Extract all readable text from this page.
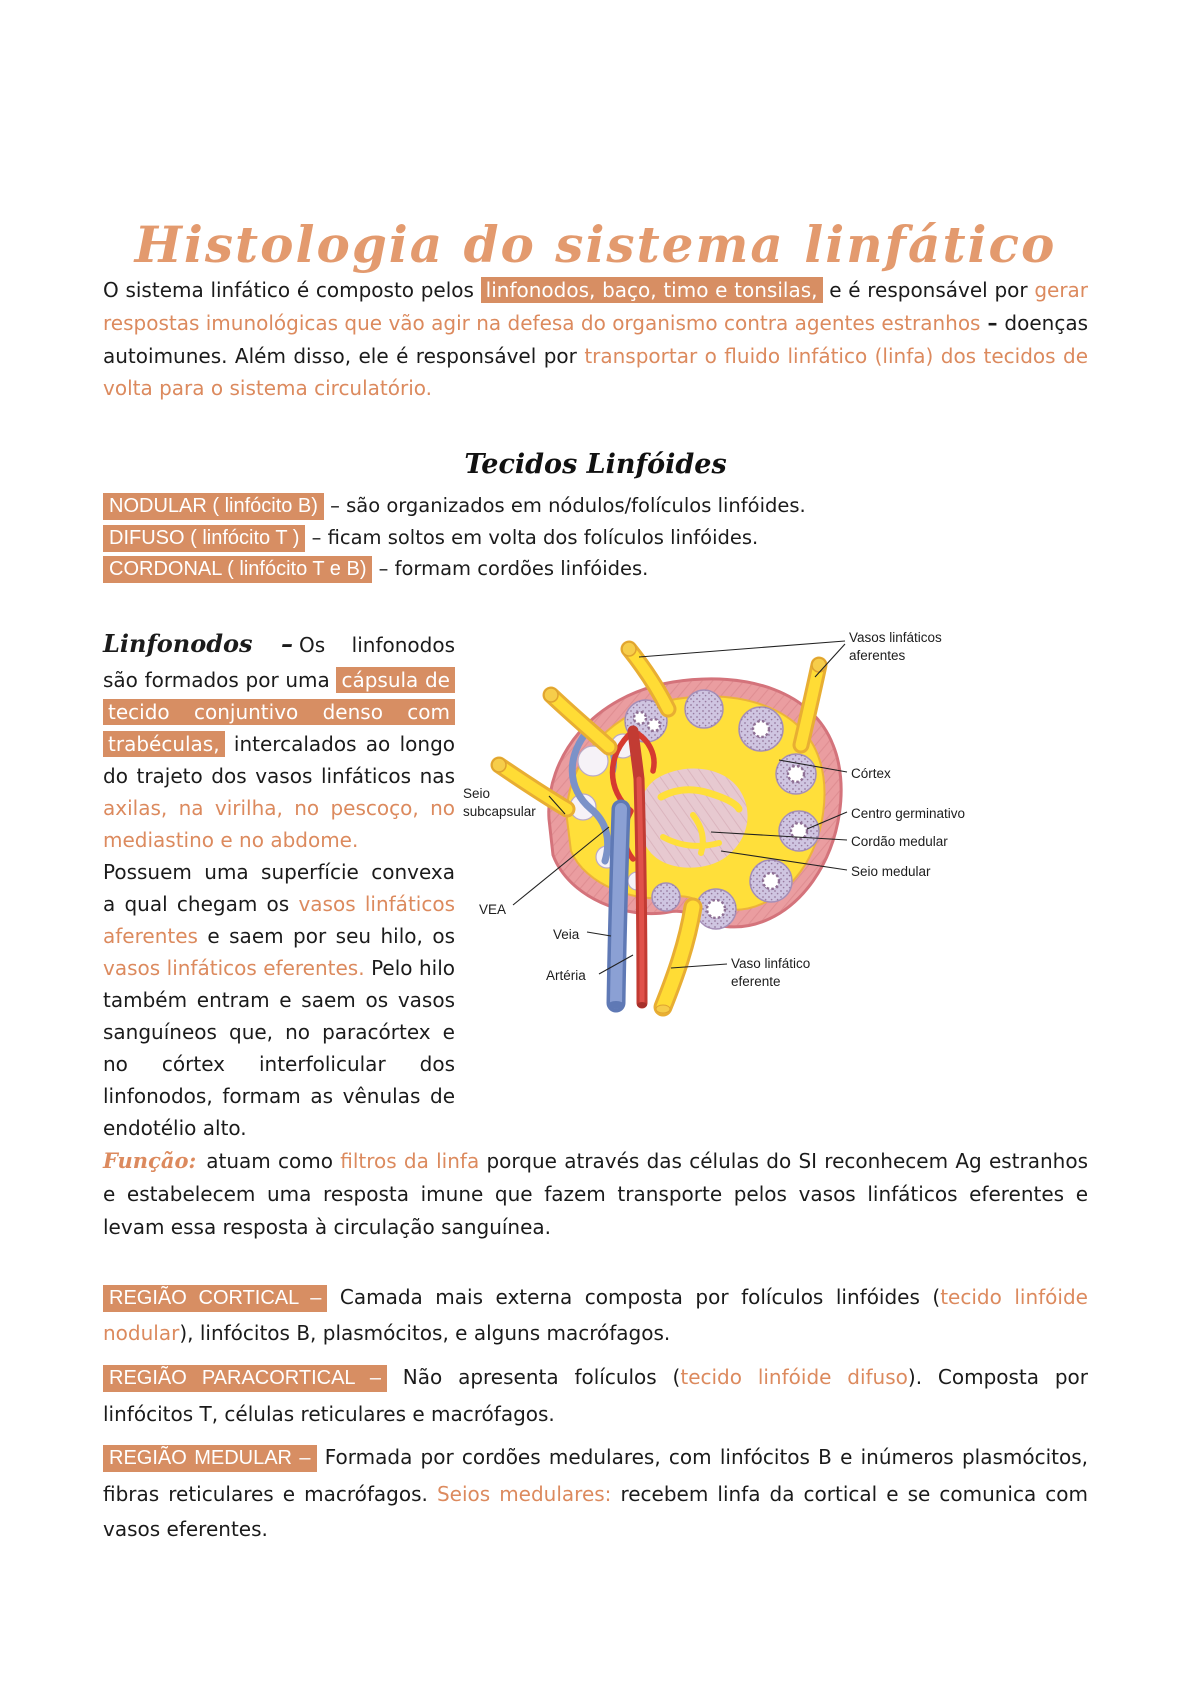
Histologia do sistema linfático

O sistema linfático é composto pelos linfonodos, baço, timo e tonsilas, e é responsável por gerar respostas imunológicas que vão agir na defesa do organismo contra agentes estranhos – doenças autoimunes. Além disso, ele é responsável por transportar o fluido linfático (linfa) dos tecidos de volta para o sistema circulatório.

Tecidos Linfóides

NODULAR ( linfócito B) – são organizados em nódulos/folículos linfóides.

DIFUSO ( linfócito T ) – ficam soltos em volta dos folículos linfóides.

CORDONAL ( linfócito T e B) – formam cordões linfóides.

Linfonodos – Os linfonodos são formados por uma cápsula de tecido conjuntivo denso com trabéculas, intercalados ao longo do trajeto dos vasos linfáticos nas axilas, na virilha, no pescoço, no mediastino e no abdome.

Possuem uma superfície convexa a qual chegam os vasos linfáticos aferentes e saem por seu hilo, os vasos linfáticos eferentes. Pelo hilo também entram e saem os vasos sanguíneos que, no paracórtex e no córtex interfolicular dos linfonodos, formam as vênulas de endotélio alto.

Vasos linfáticos aferentes
Córtex
Centro germinativo
Cordão medular
Seio medular
Seio subcapsular
VEA
Veia
Artéria
Vaso linfático eferente

Função: atuam como filtros da linfa porque através das células do SI reconhecem Ag estranhos e estabelecem uma resposta imune que fazem transporte pelos vasos linfáticos eferentes e levam essa resposta à circulação sanguínea.

REGIÃO CORTICAL – Camada mais externa composta por folículos linfóides (tecido linfóide nodular), linfócitos B, plasmócitos, e alguns macrófagos.

REGIÃO PARACORTICAL – Não apresenta folículos (tecido linfóide difuso). Composta por linfócitos T, células reticulares e macrófagos.

REGIÃO MEDULAR – Formada por cordões medulares, com linfócitos B e inúmeros plasmócitos, fibras reticulares e macrófagos. Seios medulares: recebem linfa da cortical e se comunica com vasos eferentes.
